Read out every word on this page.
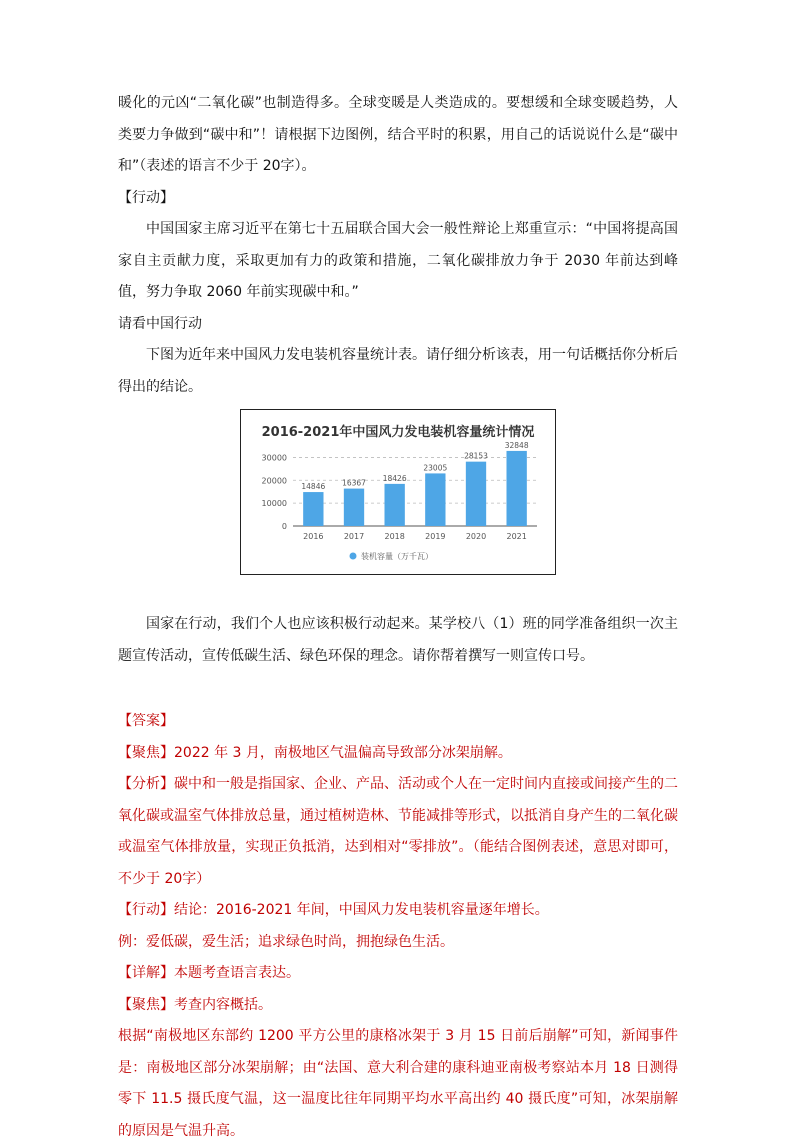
暖化的元凶“二氧化碳”也制造得多。全球变暖是人类造成的。要想缓和全球变暖趋势，人类要力争做到“碳中和”！请根据下边图例，结合平时的积累，用自己的话说说什么是“碳中和”（表述的语言不少于 20字）。

【行动】

中国国家主席习近平在第七十五届联合国大会一般性辩论上郑重宣示：“中国将提高国家自主贡献力度，采取更加有力的政策和措施，二氧化碳排放力争于 2030 年前达到峰值，努力争取 2060 年前实现碳中和。”

请看中国行动

下图为近年来中国风力发电装机容量统计表。请仔细分析该表，用一句话概括你分析后得出的结论。

2016-2021年中国风力发电装机容量统计情况
0
10000
20000
30000
14846 16367
18426
23005
28153
32848
2016	2017	2018	2019	2020	2021
装机容量（万千瓦）

国家在行动，我们个人也应该积极行动起来。某学校八（1）班的同学准备组织一次主题宣传活动，宣传低碳生活、绿色环保的理念。请你帮着撰写一则宣传口号。

【答案】

【聚焦】2022 年 3 月，南极地区气温偏高导致部分冰架崩解。

【分析】碳中和一般是指国家、企业、产品、活动或个人在一定时间内直接或间接产生的二氧化碳或温室气体排放总量，通过植树造林、节能减排等形式，以抵消自身产生的二氧化碳或温室气体排放量，实现正负抵消，达到相对“零排放”。（能结合图例表述，意思对即可，不少于 20字）

【行动】结论：2016-2021 年间，中国风力发电装机容量逐年增长。

例：爱低碳，爱生活；追求绿色时尚，拥抱绿色生活。

【详解】本题考查语言表达。

【聚焦】考查内容概括。

根据“南极地区东部约 1200 平方公里的康格冰架于 3 月 15 日前后崩解”可知，新闻事件是：南极地区部分冰架崩解；由“法国、意大利合建的康科迪亚南极考察站本月 18 日测得零下 11.5 摄氏度气温，这一温度比往年同期平均水平高出约 40 摄氏度”可知，冰架崩解的原因是气温升高。
